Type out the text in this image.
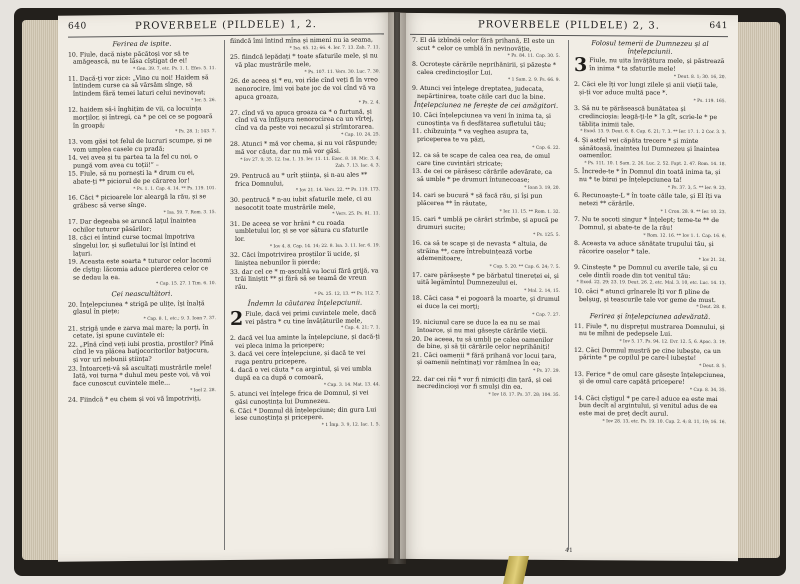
640	PROVERBELE (PILDELE) 1, 2.
Ferirea de ispite.

10. Fiule, dacă niște păcătoși vor să te amăgească, nu te lăsa cîștigat de ei!
* Gen. 39. 7, etc. Ps. 1. 1. Efes. 5. 11.

11. Dacă-ți vor zice: „Vino cu noi! Haidem să întindem curse ca să vărsăm sînge, să întindem fără temei laturi celui nevinovat;
* Ier. 5. 26.

12. haidem să-i înghițim de vii, ca locuința morților, și întregi, ca * pe cei ce se pogoară în groapă;
* Ps. 28. 1; 143. 7.

13. vom găsi tot felul de lucruri scumpe, și ne vom umplea casele cu pradă;

14. vei avea și tu partea ta la fel cu noi, o pungă vom avea cu toții!” –

15. Fiule, să nu pornești la * drum cu ei, abate-ți ** piciorul de pe cărarea lor!
* Ps. 1. 1. Cap. 4. 14. ** Ps. 119. 101.

16. Căci * picioarele lor aleargă la rău, și se grăbesc să verse sînge.
* Isa. 59. 7. Rom. 3. 15.

17. Dar degeaba se aruncă laţul înaintea ochilor tuturor păsărilor;

18. căci ei întind curse tocmai împotriva sîngelui lor, și sufletului lor își întind ei laţuri.

19. Aceasta este soarta * tuturor celor lacomi de cîștig: lăcomia aduce pierderea celor ce se dedau la ea.
* Cap. 15. 27. 1 Tim. 6. 10.

Cei neascultători.

20. Înţelepciunea * strigă pe ulițe, își înalță glasul în piețe;
* Cap. 8. 1, etc.; 9. 3. Ioan 7. 37.

21. strigă unde e zarva mai mare; la porți, în cetate, își spune cuvintele ei:

22. „Pînă cînd veți iubi prostia, prostilor? Pînă cînd le va plăcea batjocoritorilor batjocura, și vor urî nebunii știința?

23. Întoarceți-vă să ascultați mustrările mele! Iată, voi turna * duhul meu peste voi, vă voi face cunoscut cuvintele mele...
* Ioel 2. 28.

24. Fiindcă * eu chem și voi vă împotriviți,

fiindcă îmi întind mîna și nimeni nu ia seama,
* Isa. 65. 12; 66. 4. Ier. 7. 13. Zah. 7. 11.

25. fiindcă lepădați * toate sfaturile mele, și nu vă plac mustrările mele,
* Ps. 107. 11. Vers. 30. Luc. 7. 30.

26. de aceea și * eu, voi rîde cînd veți fi în vreo nenorocire, îmi voi bate joc de voi cînd vă va apuca groaza,
* Ps. 2. 4.

27. cînd vă va apuca groaza ca * o furtună, și cînd vă va înfășura nenorocirea ca un vîrtej, cînd va da peste voi necazul și strîmtorarea.
* Cap. 10. 24, 25.

28. Atunci * mă vor chema, și nu voi răspunde; mă vor căuta, dar nu mă vor găsi.
* Iov 27. 9; 35. 12. Isa. 1. 15. Ier. 11. 11. Ezec. 8. 18. Mic. 3. 4. Zah. 7. 13. Iac. 4. 3.

29. Pentrucă au * urît știința, și n-au ales ** frica Domnului,
* Iov 21. 14. Vers. 22. ** Ps. 119. 173.

30. pentrucă * n-au iubit sfaturile mele, ci au nesocotit toate mustrările mele,
* Vers. 25. Ps. 81. 11.

31. De aceea se vor hrăni * cu roada umbletului lor, și se vor sătura cu sfaturile lor.
* Iov 4. 8. Cap. 14. 14; 22. 8. Isa. 3. 11. Ier. 6. 19.

32. Căci împotrivirea proștilor îi ucide, și liniștea nebunilor îi pierde;

33. dar cel ce * m-ascultă va locui fără grijă, va trăi liniștit ** și fără să se teamă de vreun rău.
* Ps. 25. 12, 13. ** Ps. 112. 7.

Îndemn la căutarea înțelepciunii.

2 Fiule, dacă vei primi cuvintele mele, dacă vei păstra * cu tine învățăturile mele,
* Cap. 4. 21; 7. 1.

2. dacă vei lua aminte la înțelepciune, și dacă-ți vei pleca inima la pricepere;

3. dacă vei cere înțelepciune, și dacă te vei ruga pentru pricepere,

4. dacă o vei căuta * ca argintul, și vei umbla după ea ca după o comoară,
* Cap. 3. 14. Mat. 13. 44.

5. atunci vei înțelege frica de Domnul, și vei găsi cunoștința lui Dumnezeu.

6. Căci * Domnul dă înțelepciune; din gura Lui iese cunoștința și pricepere.
* 1 Împ. 3. 9, 12. Iac. 1. 5.

PROVERBELE (PILDELE) 2, 3.	641

7. El dă izbîndă celor fără prihană, El este un scut * celor ce umblă în nevinovăție,
* Ps. 84. 11. Cap. 30. 5.

8. Ocrotește cărările neprihănirii, și păzește * calea credincioșilor Lui.
* 1 Sam. 2. 9. Ps. 66. 9.

9. Atunci vei înțelege dreptatea, judecata, nepărtinirea, toate căile cari duc la bine.

Înțelepciunea ne ferește de cei amăgitori.

10. Căci înțelepciunea va veni în inima ta, și cunoștința va fi desfătarea sufletului tău;

11. chibzuința * va veghea asupra ta, priceperea te va păzi,
* Cap. 6. 22.

12. ca să te scape de calea cea rea, de omul care ține cuvintări stricate;

13. de cei ce părăsesc cărările adevărate, ca să umble * pe drumuri întunecoase;
* Ioan 3. 19, 20.

14. cari se bucură * să facă rău, și își pun plăcerea ** în răutate,
* Ier. 11. 15. ** Rom. 1. 32.

15. cari * umblă pe cărări strîmbe, și apucă pe drumuri sucite;
* Ps. 125. 5.

16. ca să te scape și de nevasta * altuia, de străina **, care întrebuințează vorbe ademenitoare,
* Cap. 5. 20. ** Cap. 6. 24; 7. 5.

17. care părăsește * pe bărbatul tinereței ei, și uită legămîntul Dumnezeului ei.
* Mal. 2. 14, 15.

18. Căci casa * ei pogoară la moarte, și drumul ei duce la cei morți;
* Cap. 7. 27.

19. niciunul care se duce la ea nu se mai întoarce, și nu mai găsește cărările vieții.

20. De aceea, tu să umbli pe calea oamenilor de bine, și să ții cărările celor neprihăniți!

21. Căci oamenii * fără prihană vor locui țara, și oamenii neîntinați vor rămînea în ea;
* Ps. 37. 29.

22. dar cei răi * vor fi nimiciți din țară, și cei necredincioși vor fi smulși din ea.
* Iov 18. 17. Ps. 37. 28; 104. 35.

Folosul temerii de Dumnezeu și al înțelepciunii.

3 Fiule, nu uita învățătura mele, și păstrează în inima * ta sfaturile mele!
* Deut. 8. 1; 30. 16, 20.

2. Căci ele îți vor lungi zilele și anii vieții tale, și-ți vor aduce multă pace *.
* Ps. 119. 165.

3. Să nu te părăsească bunătatea și credincioșia: leagă-ți-le * la gît, scrie-le * pe tăblița inimii tale.
* Exod. 13. 9. Deut. 6. 8. Cap. 6. 21; 7. 3. ** Ier. 17. 1. 2 Cor. 3. 3.

4. Și astfel vei căpăta trecere * și minte sănătoasă, înaintea lui Dumnezeu și înaintea oamenilor.
* Ps. 111. 10. 1 Sam. 2. 26. Luc. 2. 52. Fapt. 2. 47. Rom. 14. 18.

5. Încrede-te * în Domnul din toată inima ta, și nu * te bizui pe înțelepciunea ta!
* Ps. 37. 3, 5. ** Ier. 9. 23.

6. Recunoaște-L * în toate căile tale, și El îți va netezi ** cărările.
* 1 Cron. 28. 9. ** Ier. 10. 23.

7. Nu te socoti singur * înțelept; teme-te ** de Domnul, și abate-te de la rău!
* Rom. 12. 16. ** Iov 1. 1. Cap. 16. 6.

8. Aceasta va aduce sănătate trupului tău, și răcorire oaselor * tale.
* Iov 21. 24.

9. Cinstește * pe Domnul cu averile tale, și cu cele dintîi roade din tot venitul tău:
* Exod. 22. 29; 23. 19. Deut. 26. 2, etc. Mal. 3. 10, etc. Luc. 14. 13.

10. căci * atunci grînarele îți vor fi pline de belșug, și teascurile tale vor geme de must.
* Deut. 28. 8.

Ferirea și înțelepciunea adevărată.

11. Fiule *, nu disprețui mustrarea Domnului, și nu te mîhni de pedepsele Lui.
* Iov 5. 17. Ps. 94. 12. Evr. 12. 5, 6. Apoc. 3. 19.

12. Căci Domnul mustră pe cine iubește, ca un părinte * pe copilul pe care-l iubește!
* Deut. 8. 5.

13. Ferice * de omul care găsește înțelepciunea, și de omul care capătă pricepere!
* Cap. 8. 34, 35.

14. Căci cîștigul * pe care-l aduce ea este mai bun decît al argintului, și venitul adus de ea este mai de preț decît aurul.
* Iov 28. 13, etc. Ps. 19. 10. Cap. 2. 4; 8. 11, 19; 16. 16.

41
